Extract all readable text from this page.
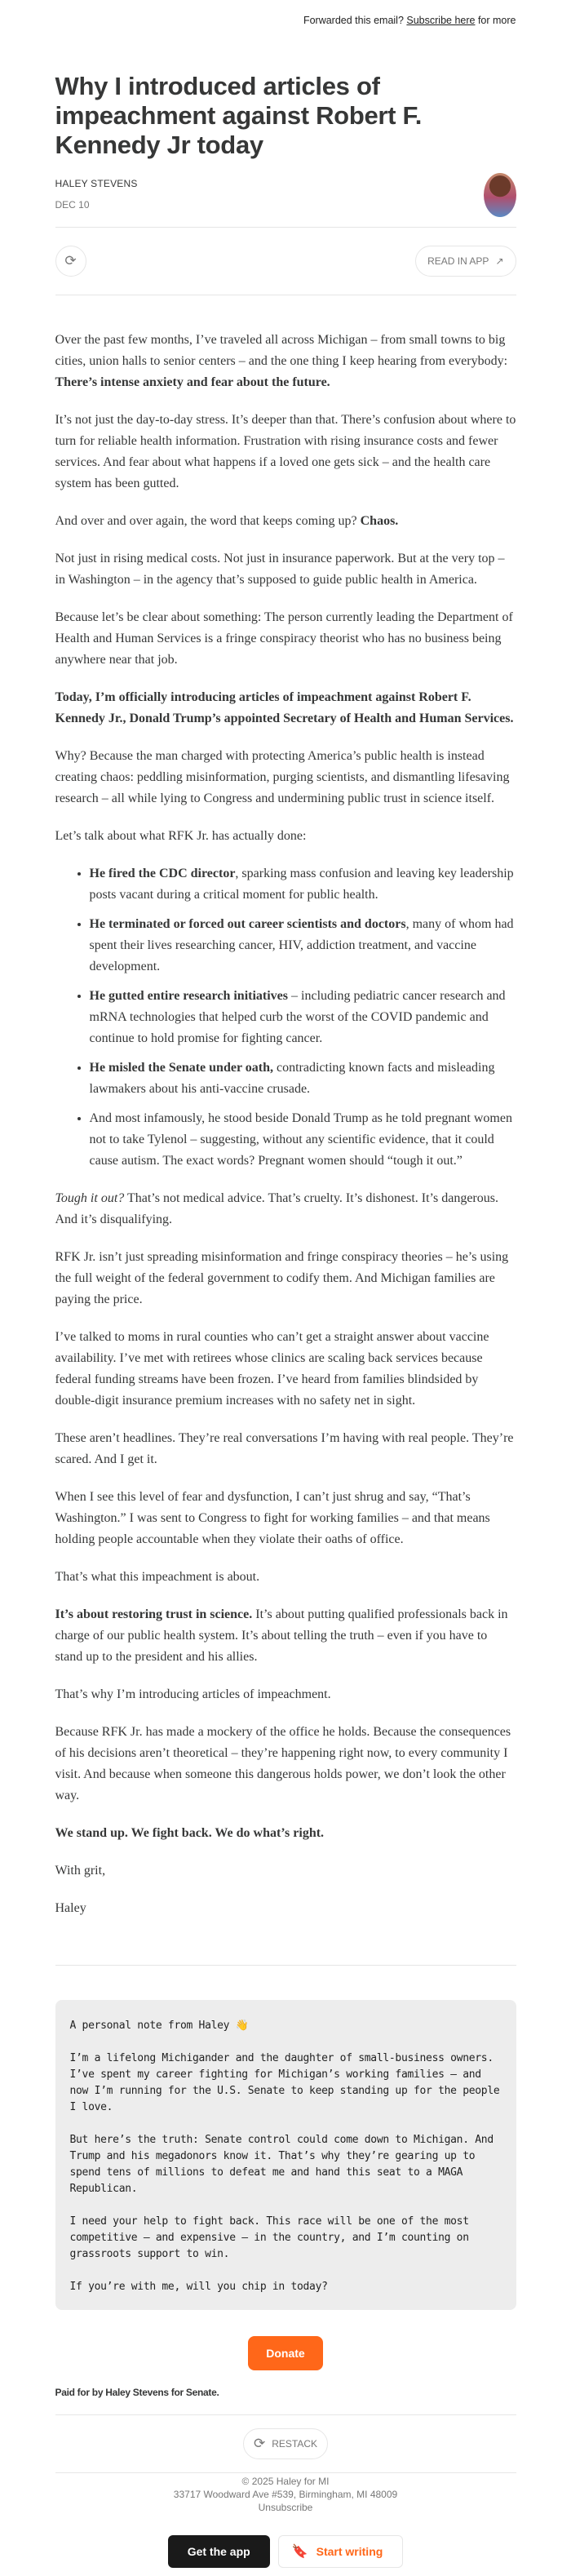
Forwarded this email? Subscribe here for more
Why I introduced articles of impeachment against Robert F. Kennedy Jr today
HALEY STEVENS
DEC 10
⟳	READ IN APP ↗

Over the past few months, I’ve traveled all across Michigan – from small towns to big cities, union halls to senior centers – and the one thing I keep hearing from everybody: There’s intense anxiety and fear about the future.

It’s not just the day-to-day stress. It’s deeper than that. There’s confusion about where to turn for reliable health information. Frustration with rising insurance costs and fewer services. And fear about what happens if a loved one gets sick – and the health care system has been gutted.

And over and over again, the word that keeps coming up? Chaos.

Not just in rising medical costs. Not just in insurance paperwork. But at the very top – in Washington – in the agency that’s supposed to guide public health in America.

Because let’s be clear about something: The person currently leading the Department of Health and Human Services is a fringe conspiracy theorist who has no business being anywhere near that job.

Today, I’m officially introducing articles of impeachment against Robert F. Kennedy Jr., Donald Trump’s appointed Secretary of Health and Human Services.

Why? Because the man charged with protecting America’s public health is instead creating chaos: peddling misinformation, purging scientists, and dismantling lifesaving research – all while lying to Congress and undermining public trust in science itself.

Let’s talk about what RFK Jr. has actually done:

• He fired the CDC director, sparking mass confusion and leaving key leadership posts vacant during a critical moment for public health.
• He terminated or forced out career scientists and doctors, many of whom had spent their lives researching cancer, HIV, addiction treatment, and vaccine development.
• He gutted entire research initiatives – including pediatric cancer research and mRNA technologies that helped curb the worst of the COVID pandemic and continue to hold promise for fighting cancer.
• He misled the Senate under oath, contradicting known facts and misleading lawmakers about his anti-vaccine crusade.
• And most infamously, he stood beside Donald Trump as he told pregnant women not to take Tylenol – suggesting, without any scientific evidence, that it could cause autism. The exact words? Pregnant women should “tough it out.”

Tough it out? That’s not medical advice. That’s cruelty. It’s dishonest. It’s dangerous. And it’s disqualifying.

RFK Jr. isn’t just spreading misinformation and fringe conspiracy theories – he’s using the full weight of the federal government to codify them. And Michigan families are paying the price.

I’ve talked to moms in rural counties who can’t get a straight answer about vaccine availability. I’ve met with retirees whose clinics are scaling back services because federal funding streams have been frozen. I’ve heard from families blindsided by double-digit insurance premium increases with no safety net in sight.

These aren’t headlines. They’re real conversations I’m having with real people. They’re scared. And I get it.

When I see this level of fear and dysfunction, I can’t just shrug and say, “That’s Washington.” I was sent to Congress to fight for working families – and that means holding people accountable when they violate their oaths of office.

That’s what this impeachment is about.

It’s about restoring trust in science. It’s about putting qualified professionals back in charge of our public health system. It’s about telling the truth – even if you have to stand up to the president and his allies.

That’s why I’m introducing articles of impeachment.

Because RFK Jr. has made a mockery of the office he holds. Because the consequences of his decisions aren’t theoretical – they’re happening right now, to every community I visit. And because when someone this dangerous holds power, we don’t look the other way.

We stand up. We fight back. We do what’s right.

With grit,

Haley

A personal note from Haley 👋

I’m a lifelong Michigander and the daughter of small-business owners. I’ve spent my career fighting for Michigan’s working families – and now I’m running for the U.S. Senate to keep standing up for the people I love.

But here’s the truth: Senate control could come down to Michigan. And Trump and his megadonors know it. That’s why they’re gearing up to spend tens of millions to defeat me and hand this seat to a MAGA Republican.

I need your help to fight back. This race will be one of the most competitive – and expensive – in the country, and I’m counting on grassroots support to win.

If you’re with me, will you chip in today?

Donate
Paid for by Haley Stevens for Senate.
⟳ RESTACK
© 2025 Haley for MI
33717 Woodward Ave #539, Birmingham, MI 48009
Unsubscribe
Get the app	🔖 Start writing
